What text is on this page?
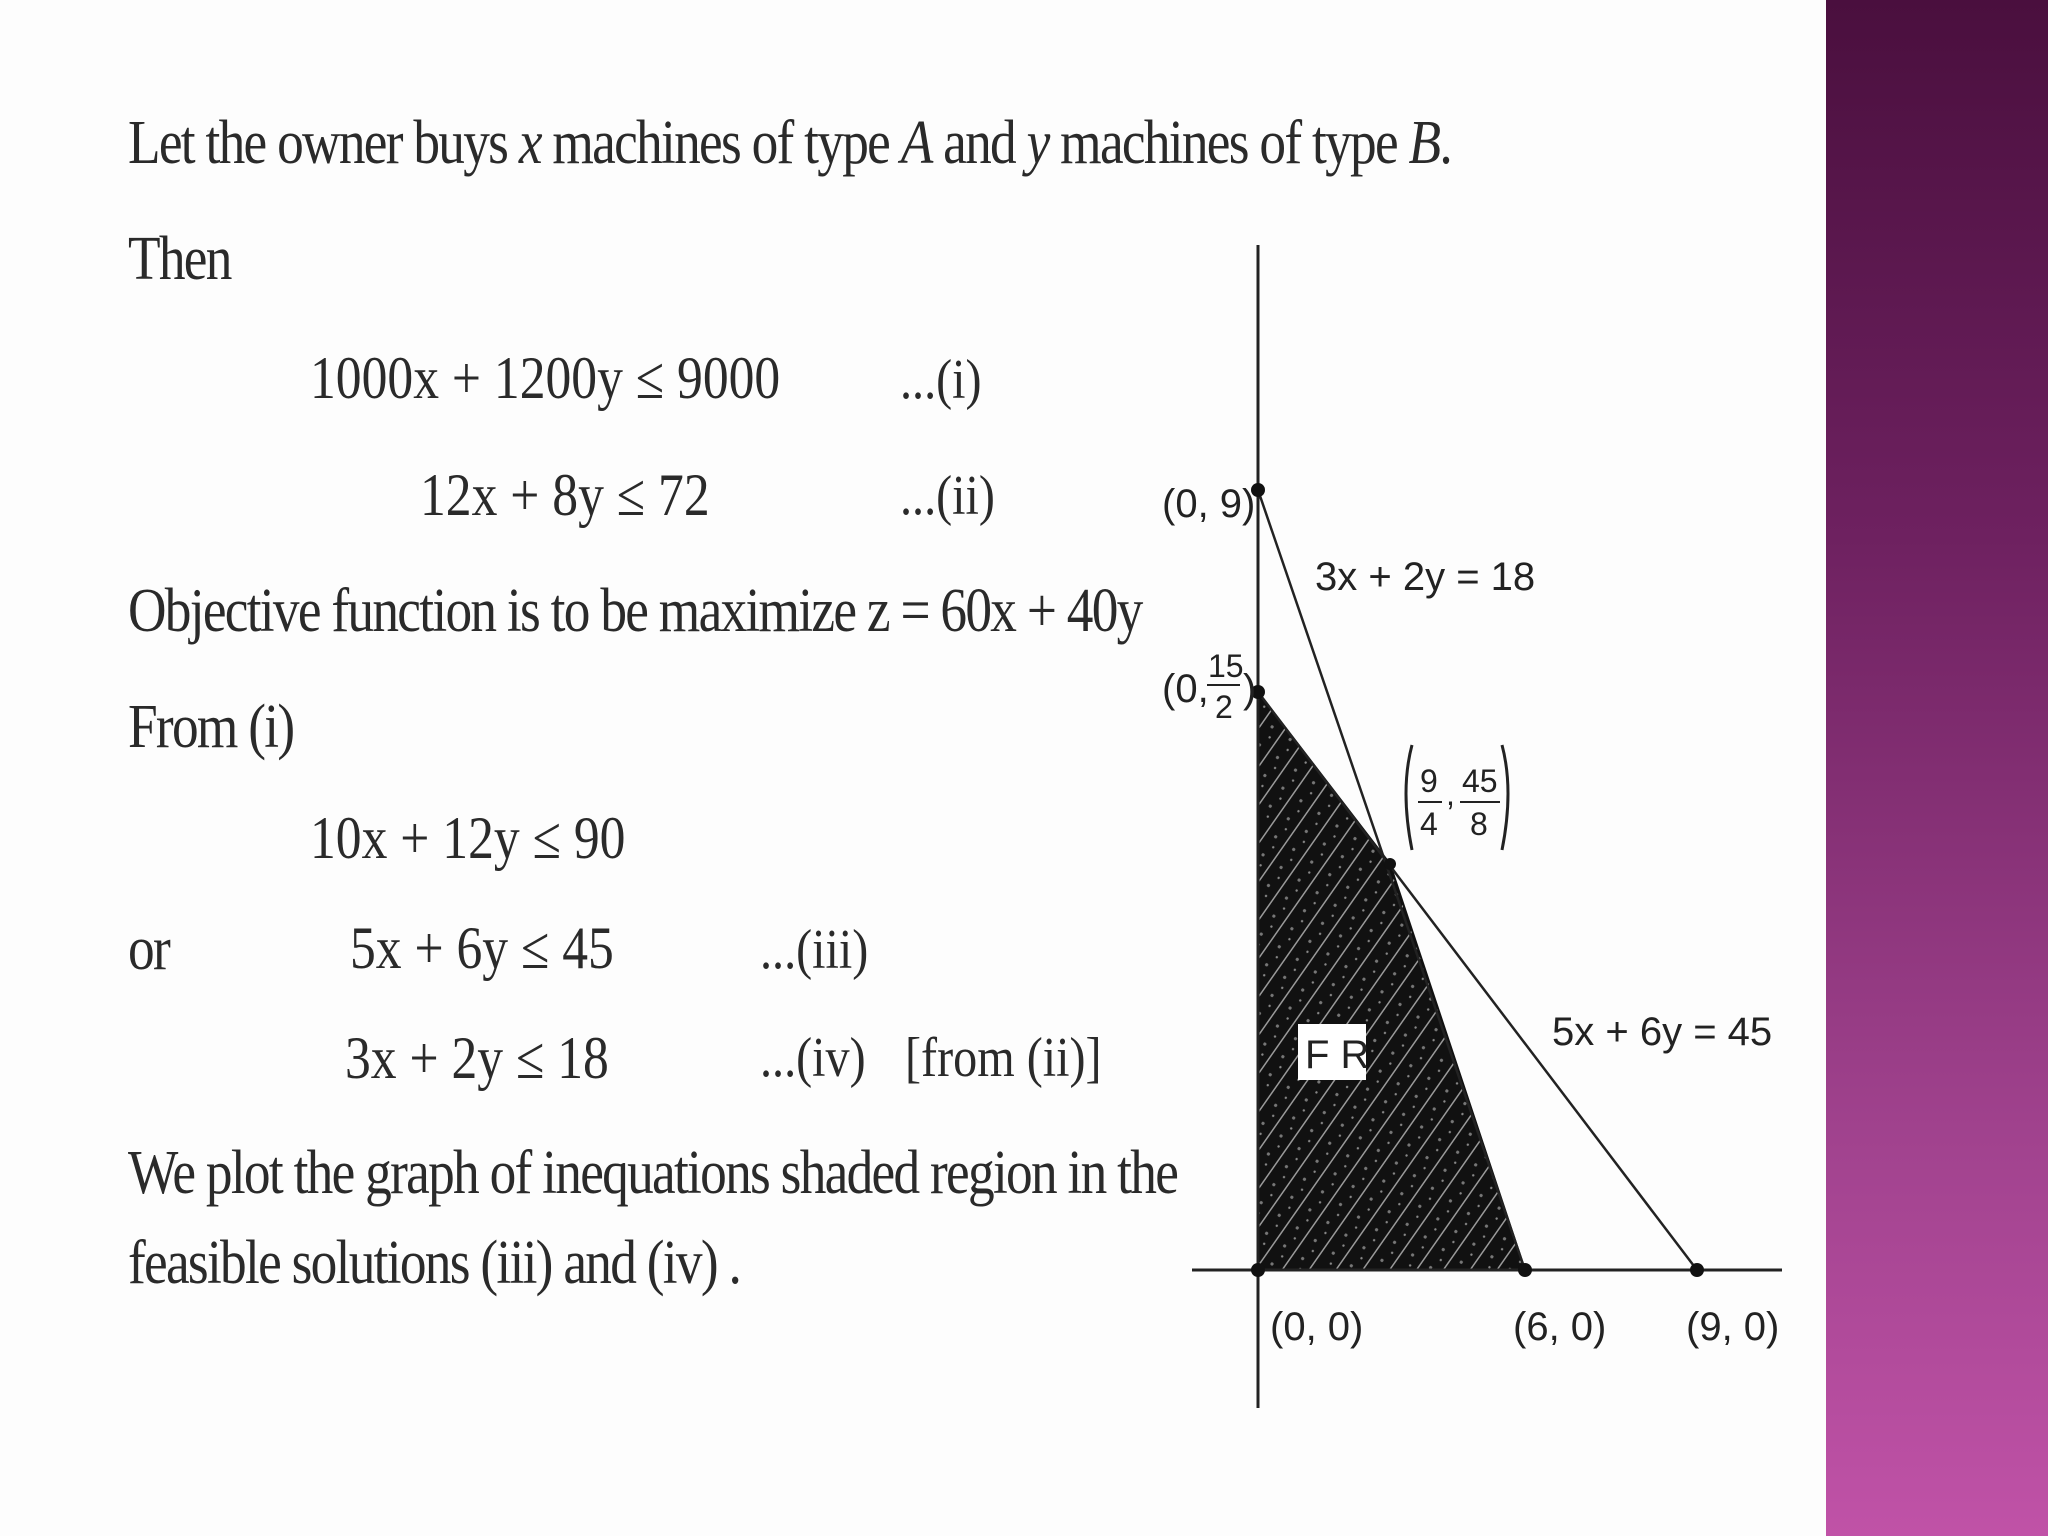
Let the owner buys x machines of type A and y machines of type B.
Then
1000x + 1200y ≤ 9000 ...(i)
12x + 8y ≤ 72	...(ii)
Objective function is to be maximize z = 60x + 40y
From (i)
10x + 12y ≤ 90
or	5x + 6y ≤ 45	...(iii)
3x + 2y ≤ 18	...(iv) [from (ii)]
We plot the graph of inequations shaded region in the
feasible solutions (iii) and (iv) .
(0, 9)
(0,
15
2 )
9
4
, 45
8
3x + 2y = 18
5x + 6y = 45
F R
(0, 0)	(6, 0) (9, 0)
